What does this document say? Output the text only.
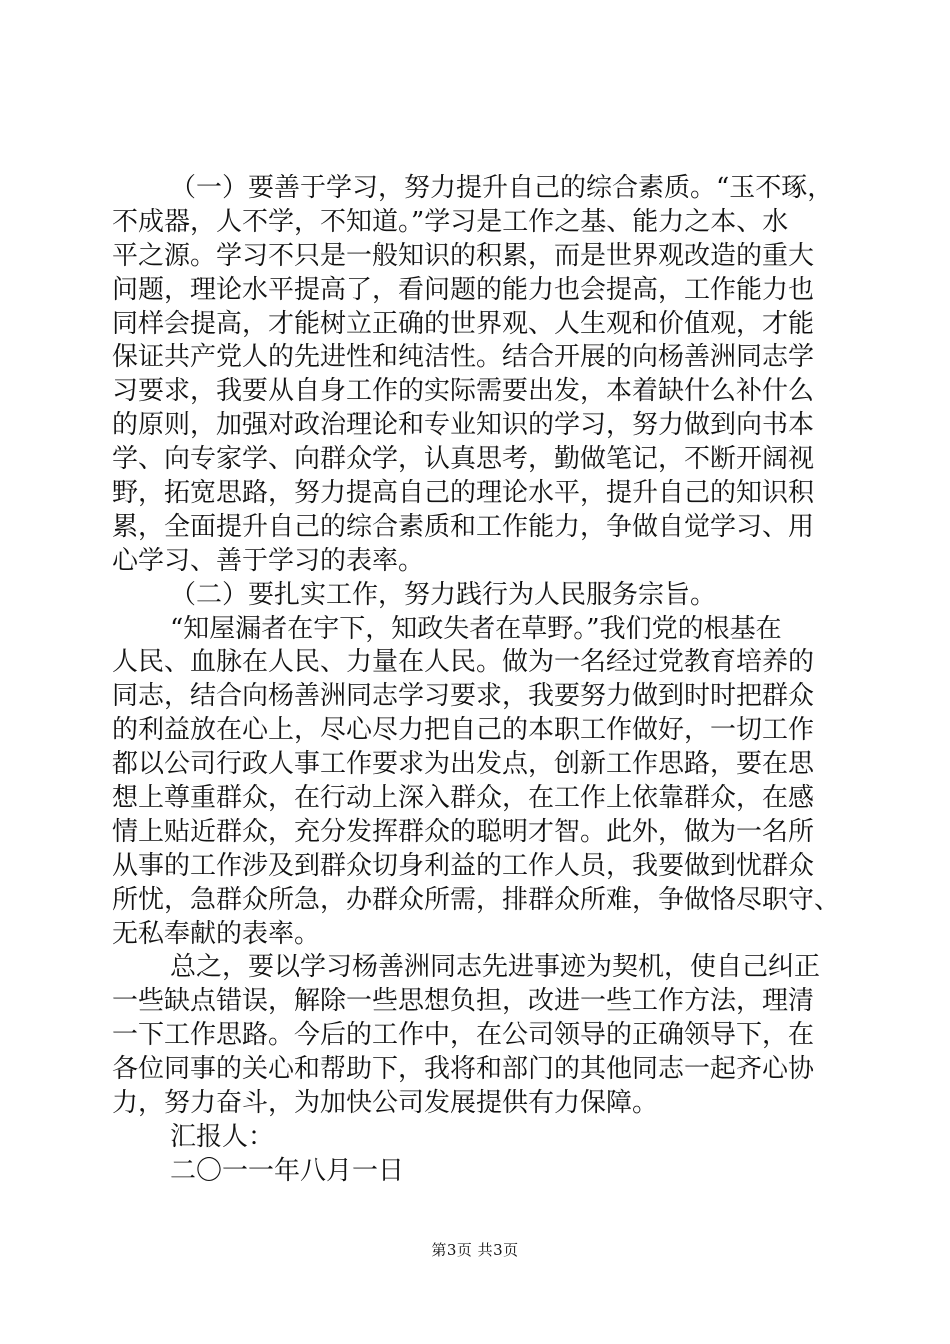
（一）要善于学习，努力提升自己的综合素质。“玉不琢，
不成器，人不学，不知道。”学习是工作之基、能力之本、水
平之源。学习不只是一般知识的积累，而是世界观改造的重大
问题，理论水平提高了，看问题的能力也会提高，工作能力也
同样会提高，才能树立正确的世界观、人生观和价值观，才能
保证共产党人的先进性和纯洁性。结合开展的向杨善洲同志学
习要求，我要从自身工作的实际需要出发，本着缺什么补什么
的原则，加强对政治理论和专业知识的学习，努力做到向书本
学、向专家学、向群众学，认真思考，勤做笔记，不断开阔视
野，拓宽思路，努力提高自己的理论水平，提升自己的知识积
累，全面提升自己的综合素质和工作能力，争做自觉学习、用
心学习、善于学习的表率。
（二）要扎实工作，努力践行为人民服务宗旨。
“知屋漏者在宇下，知政失者在草野。”我们党的根基在
人民、血脉在人民、力量在人民。做为一名经过党教育培养的
同志，结合向杨善洲同志学习要求，我要努力做到时时把群众
的利益放在心上，尽心尽力把自己的本职工作做好，一切工作
都以公司行政人事工作要求为出发点，创新工作思路，要在思
想上尊重群众，在行动上深入群众，在工作上依靠群众，在感
情上贴近群众，充分发挥群众的聪明才智。此外，做为一名所
从事的工作涉及到群众切身利益的工作人员，我要做到忧群众
所忧，急群众所急，办群众所需，排群众所难，争做恪尽职守、
无私奉献的表率。
总之，要以学习杨善洲同志先进事迹为契机，使自己纠正
一些缺点错误，解除一些思想负担，改进一些工作方法，理清
一下工作思路。今后的工作中，在公司领导的正确领导下，在
各位同事的关心和帮助下，我将和部门的其他同志一起齐心协
力，努力奋斗，为加快公司发展提供有力保障。
汇报人：
二〇一一年八月一日
第3页 共3页
